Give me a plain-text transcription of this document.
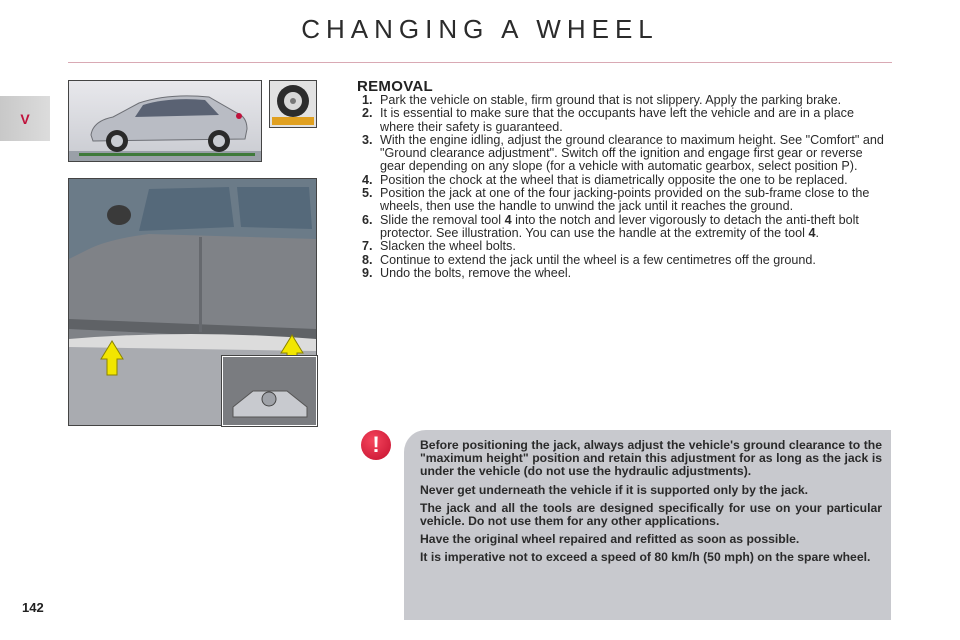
CHANGING A WHEEL
V
REMOVAL
1. Park the vehicle on stable, firm ground that is not slippery. Apply the parking brake.
2. It is essential to make sure that the occupants have left the vehicle and are in a place where their safety is guaranteed.
3. With the engine idling, adjust the ground clearance to maximum height. See "Comfort" and "Ground clearance adjustment". Switch off the ignition and engage first gear or reverse gear depending on any slope (for a vehicle with automatic gearbox, select position P).
4. Position the chock at the wheel that is diametrically opposite the one to be replaced.
5. Position the jack at one of the four jacking-points provided on the sub-frame close to the wheels, then use the handle to unwind the jack until it reaches the ground.
6. Slide the removal tool 4 into the notch and lever vigorously to detach the anti-theft bolt protector. See illustration. You can use the handle at the extremity of the tool 4.
7. Slacken the wheel bolts.
8. Continue to extend the jack until the wheel is a few centimetres off the ground.
9. Undo the bolts, remove the wheel.
!	Before positioning the jack, always adjust the vehicle's ground clearance to the "maximum height" position and retain this adjustment for as long as the jack is under the vehicle (do not use the hydraulic adjustments).

Never get underneath the vehicle if it is supported only by the jack.

The jack and all the tools are designed specifically for use on your particular vehicle. Do not use them for any other applications.

Have the original wheel repaired and refitted as soon as possible.

It is imperative not to exceed a speed of 80 km/h (50 mph) on the spare wheel.

142
